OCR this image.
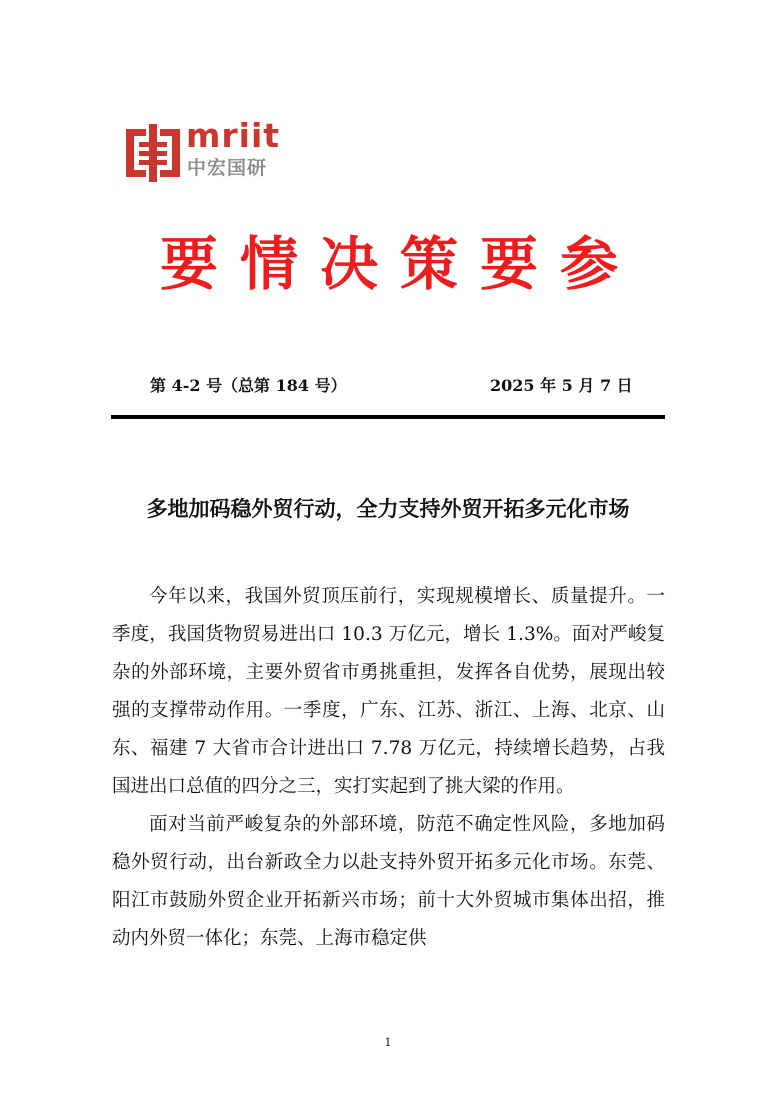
mriit
中宏国研
要情决策要参
第 4-2 号（总第 184 号）	2025 年 5 月 7 日
多地加码稳外贸行动，全力支持外贸开拓多元化市场

今年以来，我国外贸顶压前行，实现规模增长、质量提升。一季度，我国货物贸易进出口 10.3 万亿元，增长 1.3%。面对严峻复杂的外部环境，主要外贸省市勇挑重担，发挥各自优势，展现出较强的支撑带动作用。一季度，广东、江苏、浙江、上海、北京、山东、福建 7 大省市合计进出口 7.78 万亿元，持续增长趋势，占我国进出口总值的四分之三，实打实起到了挑大梁的作用。

面对当前严峻复杂的外部环境，防范不确定性风险，多地加码稳外贸行动，出台新政全力以赴支持外贸开拓多元化市场。东莞、阳江市鼓励外贸企业开拓新兴市场；前十大外贸城市集体出招，推动内外贸一体化；东莞、上海市稳定供

1
